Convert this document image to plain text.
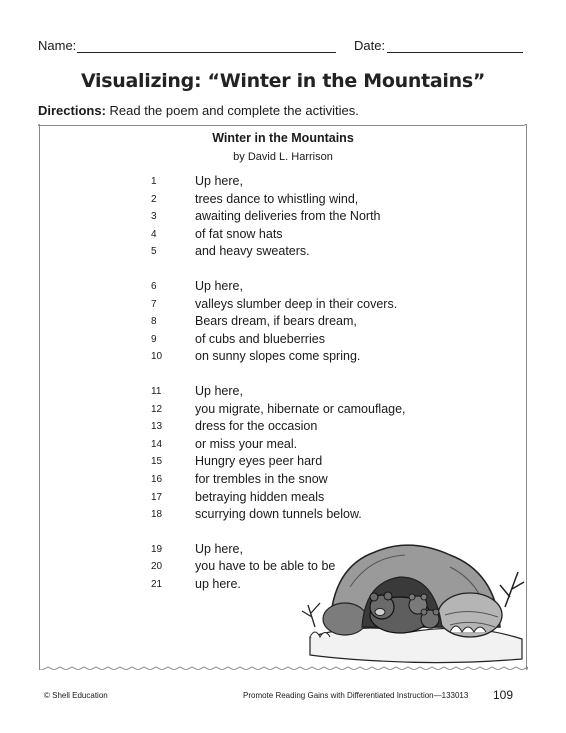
Name:	Date:
Visualizing: “Winter in the Mountains”
Directions: Read the poem and complete the activities.
Winter in the Mountains
by David L. Harrison
1	Up here,
2	trees dance to whistling wind,
3	awaiting deliveries from the North
4	of fat snow hats
5	and heavy sweaters.
6	Up here,
7	valleys slumber deep in their covers.
8	Bears dream, if bears dream,
9	of cubs and blueberries
10	on sunny slopes come spring.
11	Up here,
12	you migrate, hibernate or camouflage,
13	dress for the occasion
14	or miss your meal.
15	Hungry eyes peer hard
16	for trembles in the snow
17	betraying hidden meals
18	scurrying down tunnels below.
19	Up here,
20	you have to be able to be
21	up here.
© Shell Education	Promote Reading Gains with Differentiated Instruction—133013 109
